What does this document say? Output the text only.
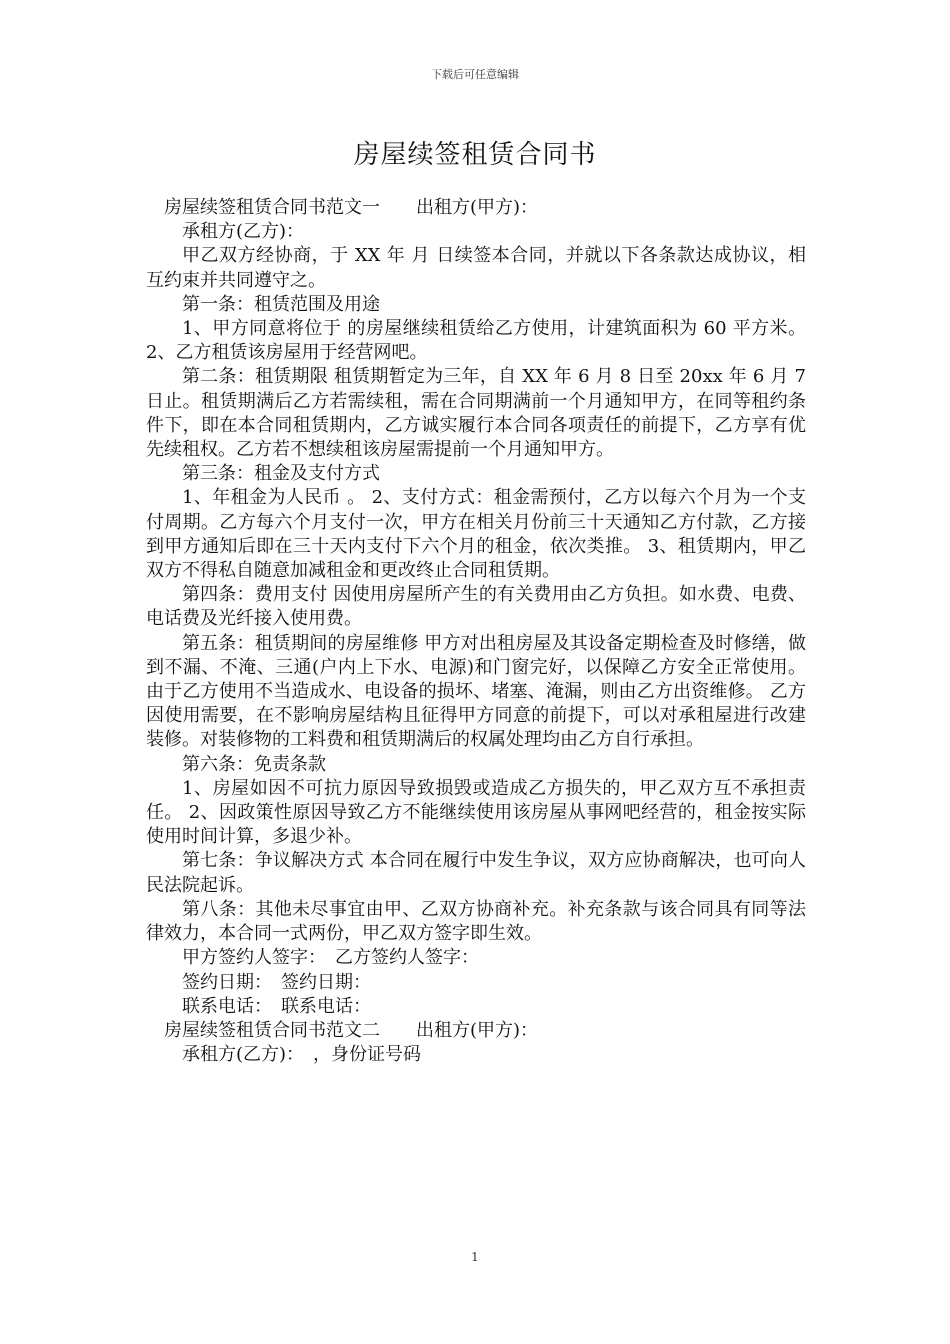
下载后可任意编辑
房屋续签租赁合同书

房屋续签租赁合同书范文一　　出租方(甲方)：

承租方(乙方)：

甲乙双方经协商，于 XX 年 月 日续签本合同，并就以下各条款达成协议，相互约束并共同遵守之。

第一条：租赁范围及用途

1、甲方同意将位于 的房屋继续租赁给乙方使用，计建筑面积为 60 平方米。 2、乙方租赁该房屋用于经营网吧。

第二条：租赁期限 租赁期暂定为三年，自 XX 年 6 月 8 日至 20xx 年 6 月 7 日止。租赁期满后乙方若需续租，需在合同期满前一个月通知甲方，在同等租约条件下，即在本合同租赁期内，乙方诚实履行本合同各项责任的前提下，乙方享有优先续租权。乙方若不想续租该房屋需提前一个月通知甲方。

第三条：租金及支付方式

1、年租金为人民币 。 2、支付方式：租金需预付，乙方以每六个月为一个支付周期。乙方每六个月支付一次，甲方在相关月份前三十天通知乙方付款，乙方接到甲方通知后即在三十天内支付下六个月的租金，依次类推。 3、租赁期内，甲乙双方不得私自随意加减租金和更改终止合同租赁期。

第四条：费用支付 因使用房屋所产生的有关费用由乙方负担。如水费、电费、电话费及光纤接入使用费。

第五条：租赁期间的房屋维修 甲方对出租房屋及其设备定期检查及时修缮，做到不漏、不淹、三通(户内上下水、电源)和门窗完好，以保障乙方安全正常使用。 由于乙方使用不当造成水、电设备的损坏、堵塞、淹漏，则由乙方出资维修。 乙方因使用需要，在不影响房屋结构且征得甲方同意的前提下，可以对承租屋进行改建装修。对装修物的工料费和租赁期满后的权属处理均由乙方自行承担。

第六条：免责条款

1、房屋如因不可抗力原因导致损毁或造成乙方损失的，甲乙双方互不承担责任。 2、因政策性原因导致乙方不能继续使用该房屋从事网吧经营的，租金按实际使用时间计算，多退少补。

第七条：争议解决方式 本合同在履行中发生争议，双方应协商解决，也可向人民法院起诉。

第八条：其他未尽事宜由甲、乙双方协商补充。补充条款与该合同具有同等法律效力，本合同一式两份，甲乙双方签字即生效。

甲方签约人签字：　乙方签约人签字：

签约日期：　签约日期：

联系电话：　联系电话：

房屋续签租赁合同书范文二　　出租方(甲方)：

承租方(乙方)：　，身份证号码

1
